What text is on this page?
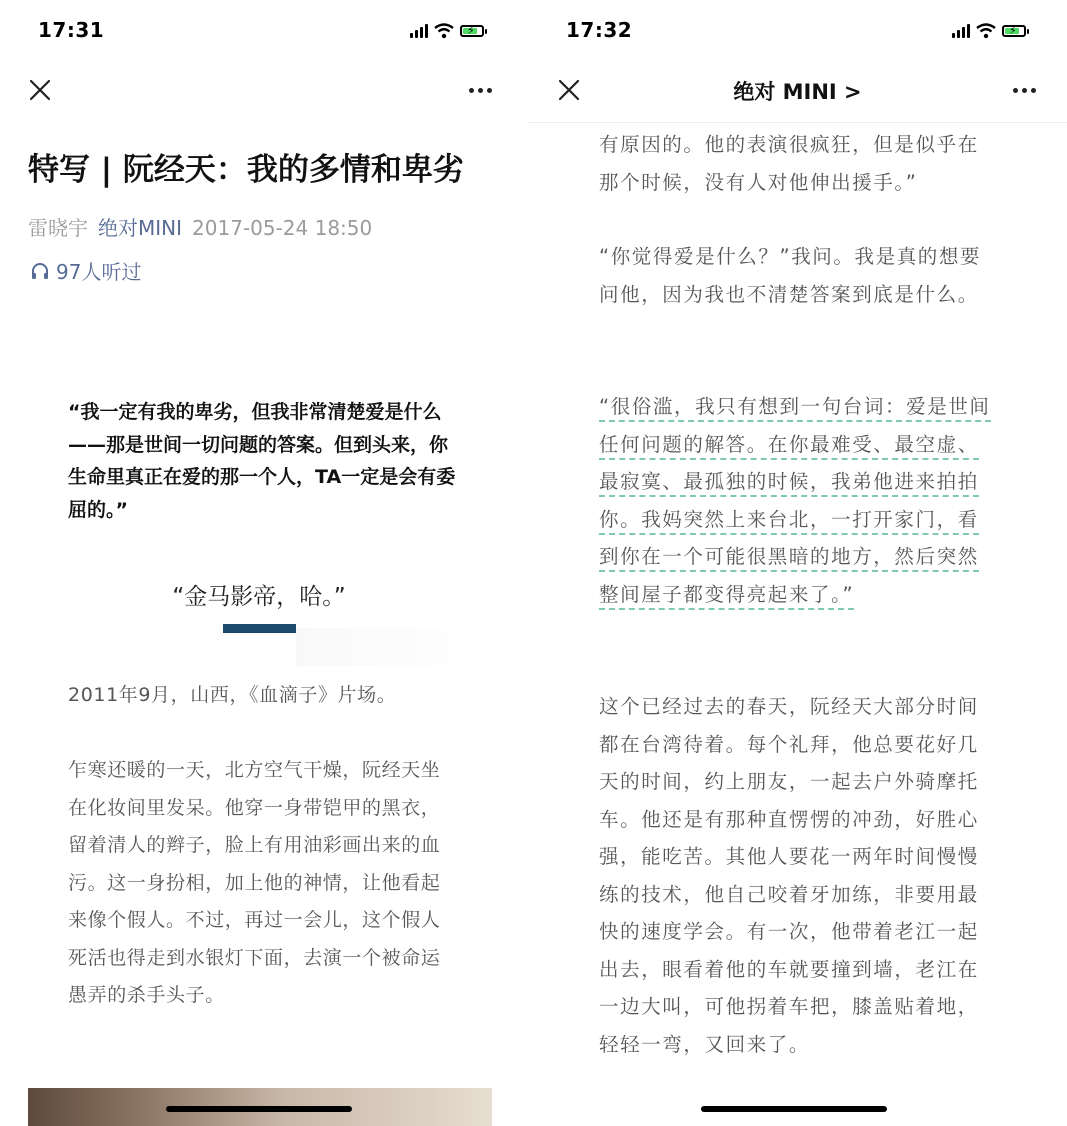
17:31	⚡
特写 | 阮经天：我的多情和卑劣
雷晓宇 绝对MINI 2017-05-24 18:50
97人听过
“我一定有我的卑劣，但我非常清楚爱是什么——那是世间一切问题的答案。但到头来，你生命里真正在爱的那一个人，TA一定是会有委屈的。”
“金马影帝，哈。”
2011年9月，山西，《血滴子》片场。
乍寒还暖的一天，北方空气干燥，阮经天坐在化妆间里发呆。他穿一身带铠甲的黑衣，留着清人的辫子，脸上有用油彩画出来的血污。这一身扮相，加上他的神情，让他看起来像个假人。不过，再过一会儿，这个假人死活也得走到水银灯下面，去演一个被命运愚弄的杀手头子。
17:32	⚡
绝对 MINI >
有原因的。他的表演很疯狂，但是似乎在那个时候，没有人对他伸出援手。”
“你觉得爱是什么？”我问。我是真的想要问他，因为我也不清楚答案到底是什么。
“很俗滥，我只有想到一句台词：爱是世间任何问题的解答。在你最难受、最空虚、最寂寞、最孤独的时候，我弟他进来拍拍你。我妈突然上来台北，一打开家门，看到你在一个可能很黑暗的地方，然后突然整间屋子都变得亮起来了。”
这个已经过去的春天，阮经天大部分时间都在台湾待着。每个礼拜，他总要花好几天的时间，约上朋友，一起去户外骑摩托车。他还是有那种直愣愣的冲劲，好胜心强，能吃苦。其他人要花一两年时间慢慢练的技术，他自己咬着牙加练，非要用最快的速度学会。有一次，他带着老江一起出去，眼看着他的车就要撞到墙，老江在一边大叫，可他拐着车把，膝盖贴着地，轻轻一弯，又回来了。
